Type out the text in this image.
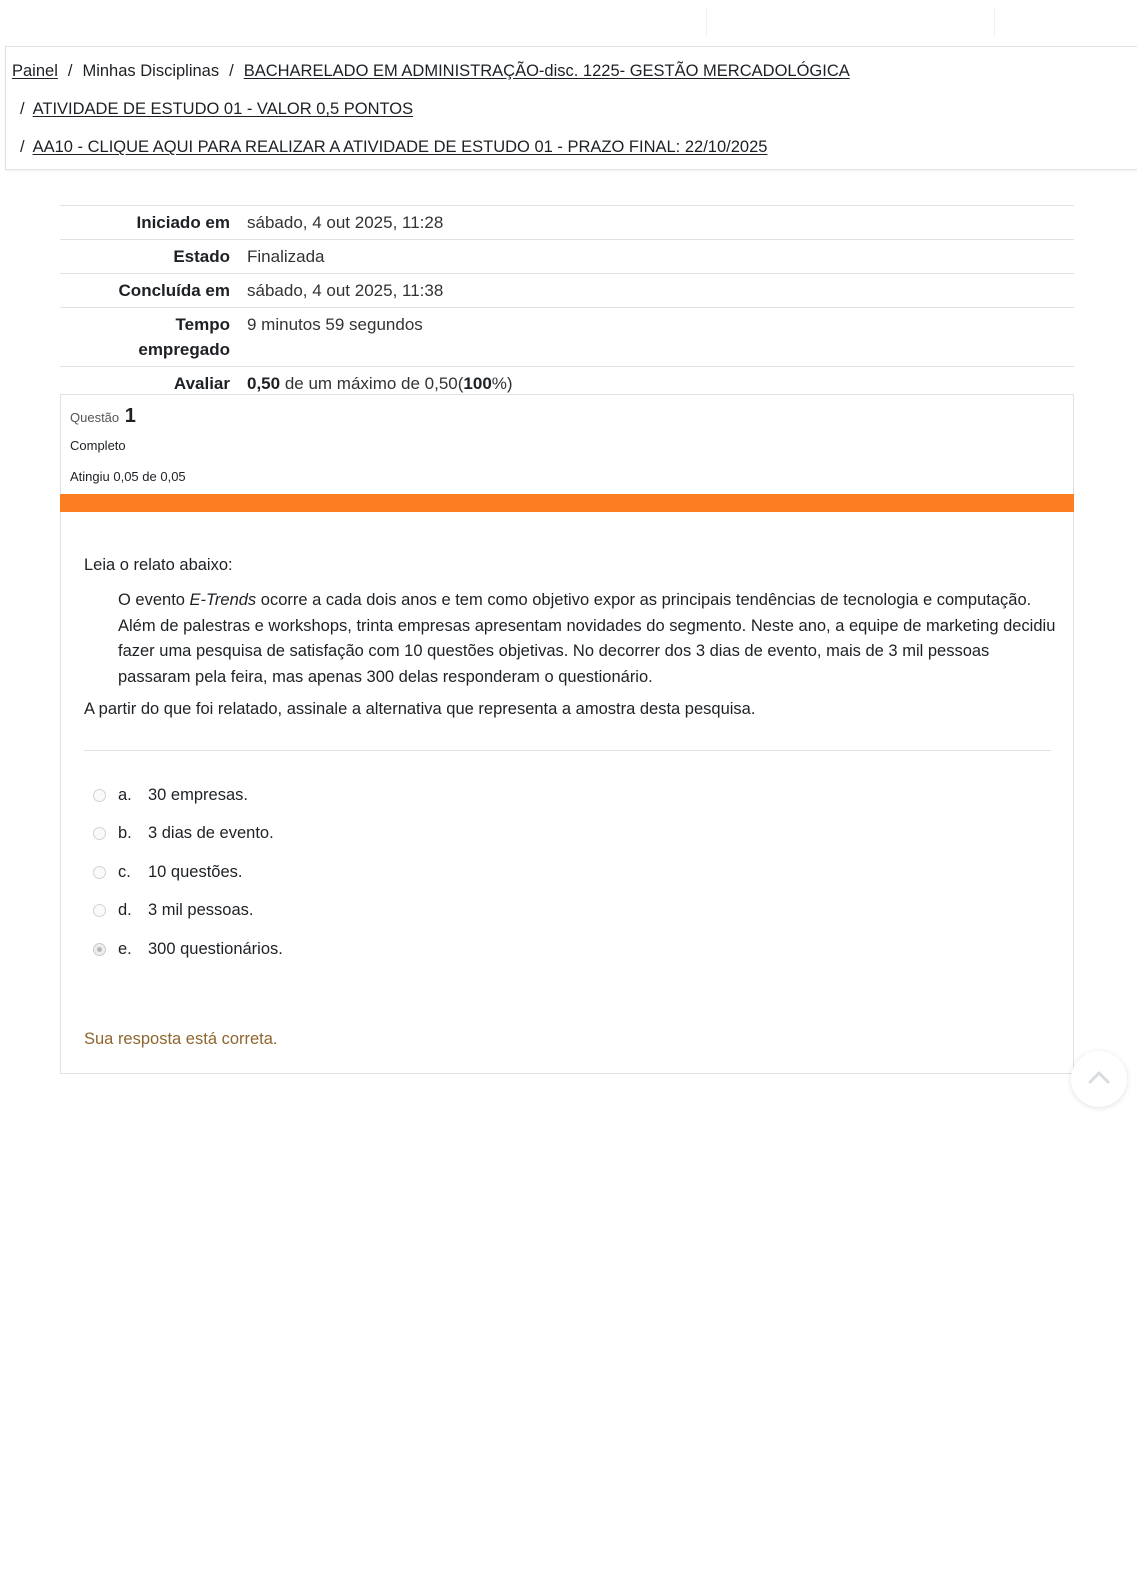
Painel / Minhas Disciplinas / BACHARELADO EM ADMINISTRAÇÃO-disc. 1225- GESTÃO MERCADOLÓGICA
/ ATIVIDADE DE ESTUDO 01 - VALOR 0,5 PONTOS
/ AA10 - CLIQUE AQUI PARA REALIZAR A ATIVIDADE DE ESTUDO 01 - PRAZO FINAL: 22/10/2025
Iniciado em	sábado, 4 out 2025, 11:28
Estado	Finalizada
Concluída em	sábado, 4 out 2025, 11:38
Tempo
empregado	9 minutos 59 segundos
Avaliar	0,50 de um máximo de 0,50(100%)
Questão 1
Completo
Atingiu 0,05 de 0,05
Leia o relato abaixo:
O evento E-Trends ocorre a cada dois anos e tem como objetivo expor as principais tendências de tecnologia e computação. Além de palestras e workshops, trinta empresas apresentam novidades do segmento. Neste ano, a equipe de marketing decidiu fazer uma pesquisa de satisfação com 10 questões objetivas. No decorrer dos 3 dias de evento, mais de 3 mil pessoas passaram pela feira, mas apenas 300 delas responderam o questionário.
A partir do que foi relatado, assinale a alternativa que representa a amostra desta pesquisa.
a. 30 empresas.
b. 3 dias de evento.
c.	10 questões.
d. 3 mil pessoas.
e. 300 questionários.
Sua resposta está correta.
